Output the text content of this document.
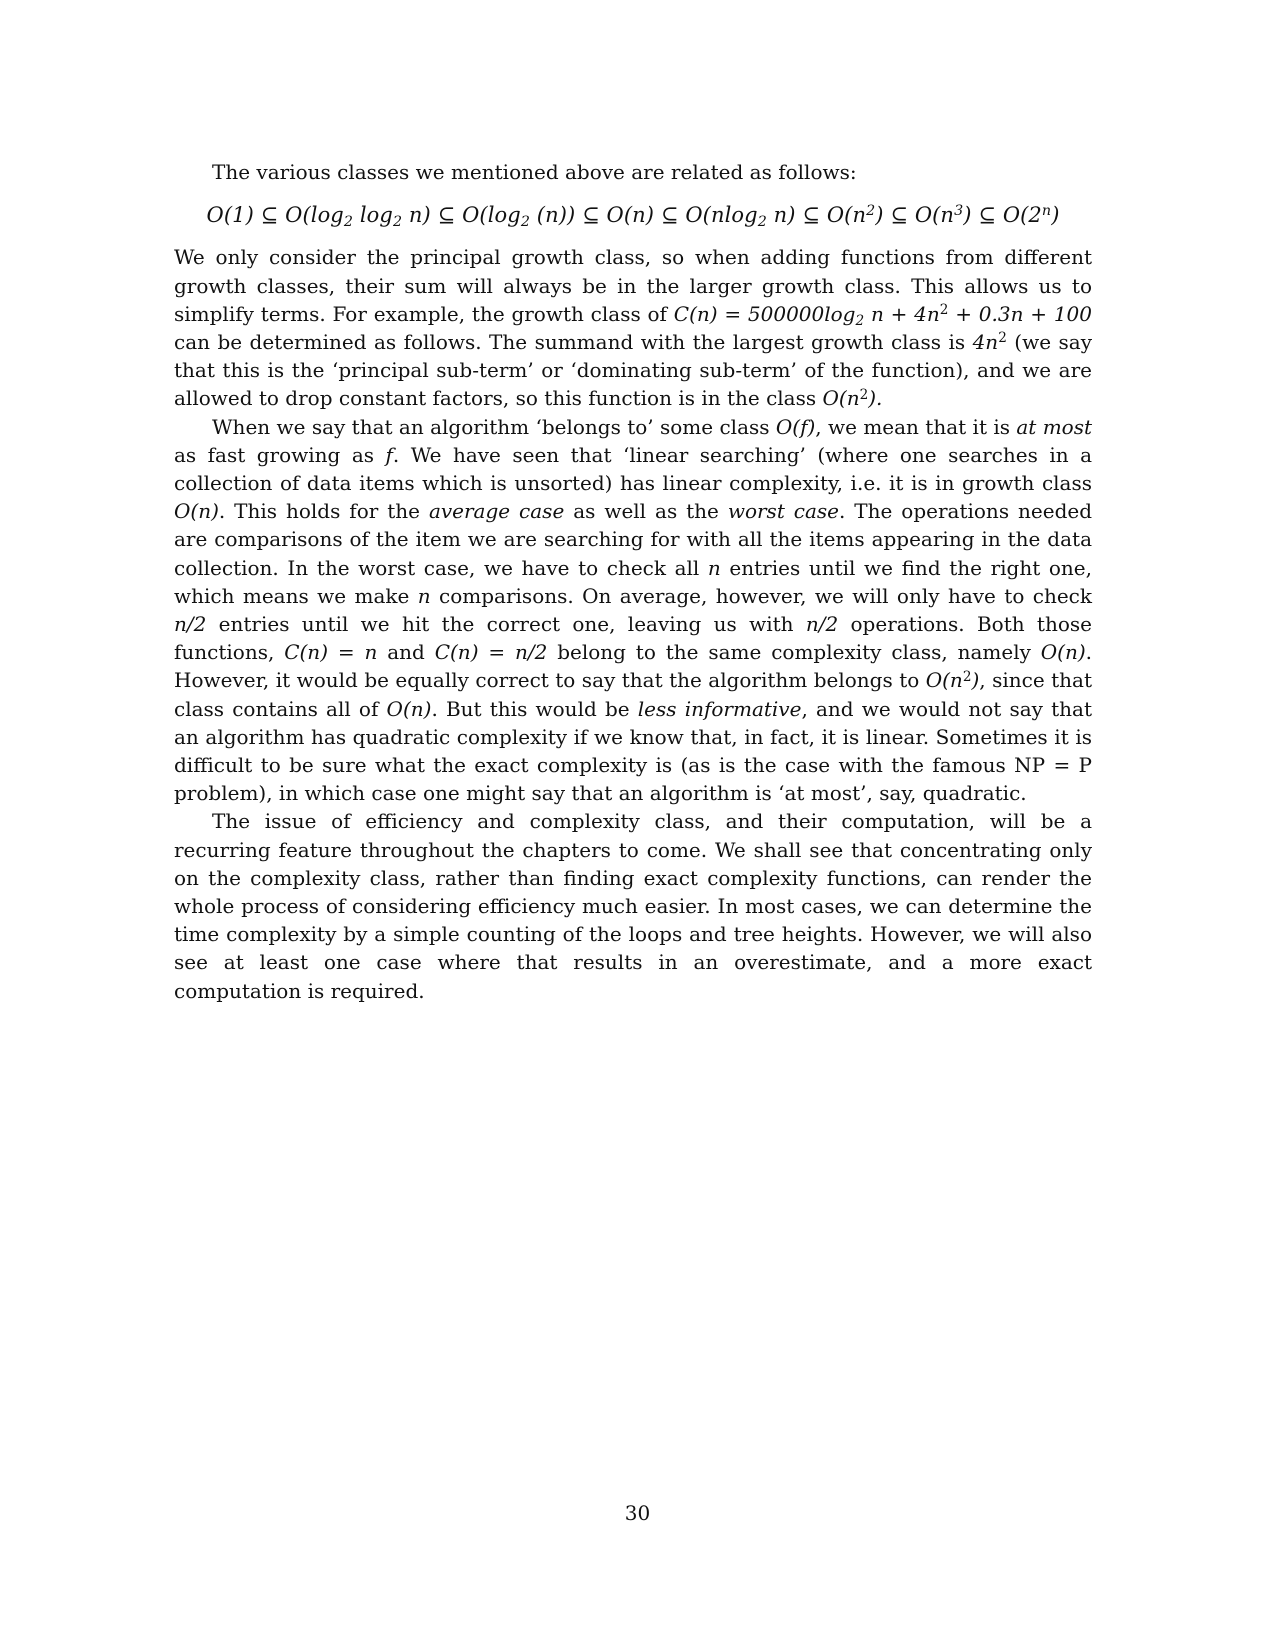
The various classes we mentioned above are related as follows:

O(1) ⊆ $O(\log_2$ $\log_2 n$) ⊆ $O(\log_2$ (n)) ⊆ O(n) ⊆ O(nlog$_2$ n) ⊆ $O(n^2)$ ⊆ $O(n^3)$ ⊆ O(2$^n$)

We only consider the principal growth class, so when adding functions from different growth classes, their sum will always be in the larger growth class. This allows us to simplify terms. For example, the growth class of $C(n) = 500000\log_2$ $n + 4n^2 + 0.3n + 100$ can be determined as follows. The summand with the largest growth class is $4n^2$ (we say that this is the ‘principal sub-term’ or ‘dominating sub-term’ of the function), and we are allowed to drop constant factors, so this function is in the class $O(n^2)$.

When we say that an algorithm ‘belongs to’ some class O(f), we mean that it is at most as fast growing as f. We have seen that ‘linear searching’ (where one searches in a collection of data items which is unsorted) has linear complexity, i.e. it is in growth class O(n). This holds for the average case as well as the worst case. The operations needed are comparisons of the item we are searching for with all the items appearing in the data collection. In the worst case, we have to check all n entries until we find the right one, which means we make n comparisons. On average, however, we will only have to check n/2 entries until we hit the correct one, leaving us with n/2 operations. Both those functions, C(n) = n and C(n) = n/2 belong to the same complexity class, namely O(n). However, it would be equally correct to say that the algorithm belongs to $O(n^2)$, since that class contains all of O(n). But this would be less informative, and we would not say that an algorithm has quadratic complexity if we know that, in fact, it is linear. Sometimes it is difficult to be sure what the exact complexity is (as is the case with the famous NP = P problem), in which case one might say that an algorithm is ‘at most’, say, quadratic.

The issue of efficiency and complexity class, and their computation, will be a recurring feature throughout the chapters to come. We shall see that concentrating only on the complexity class, rather than finding exact complexity functions, can render the whole process of considering efficiency much easier. In most cases, we can determine the time complexity by a simple counting of the loops and tree heights. However, we will also see at least one case where that results in an overestimate, and a more exact computation is required.

30
